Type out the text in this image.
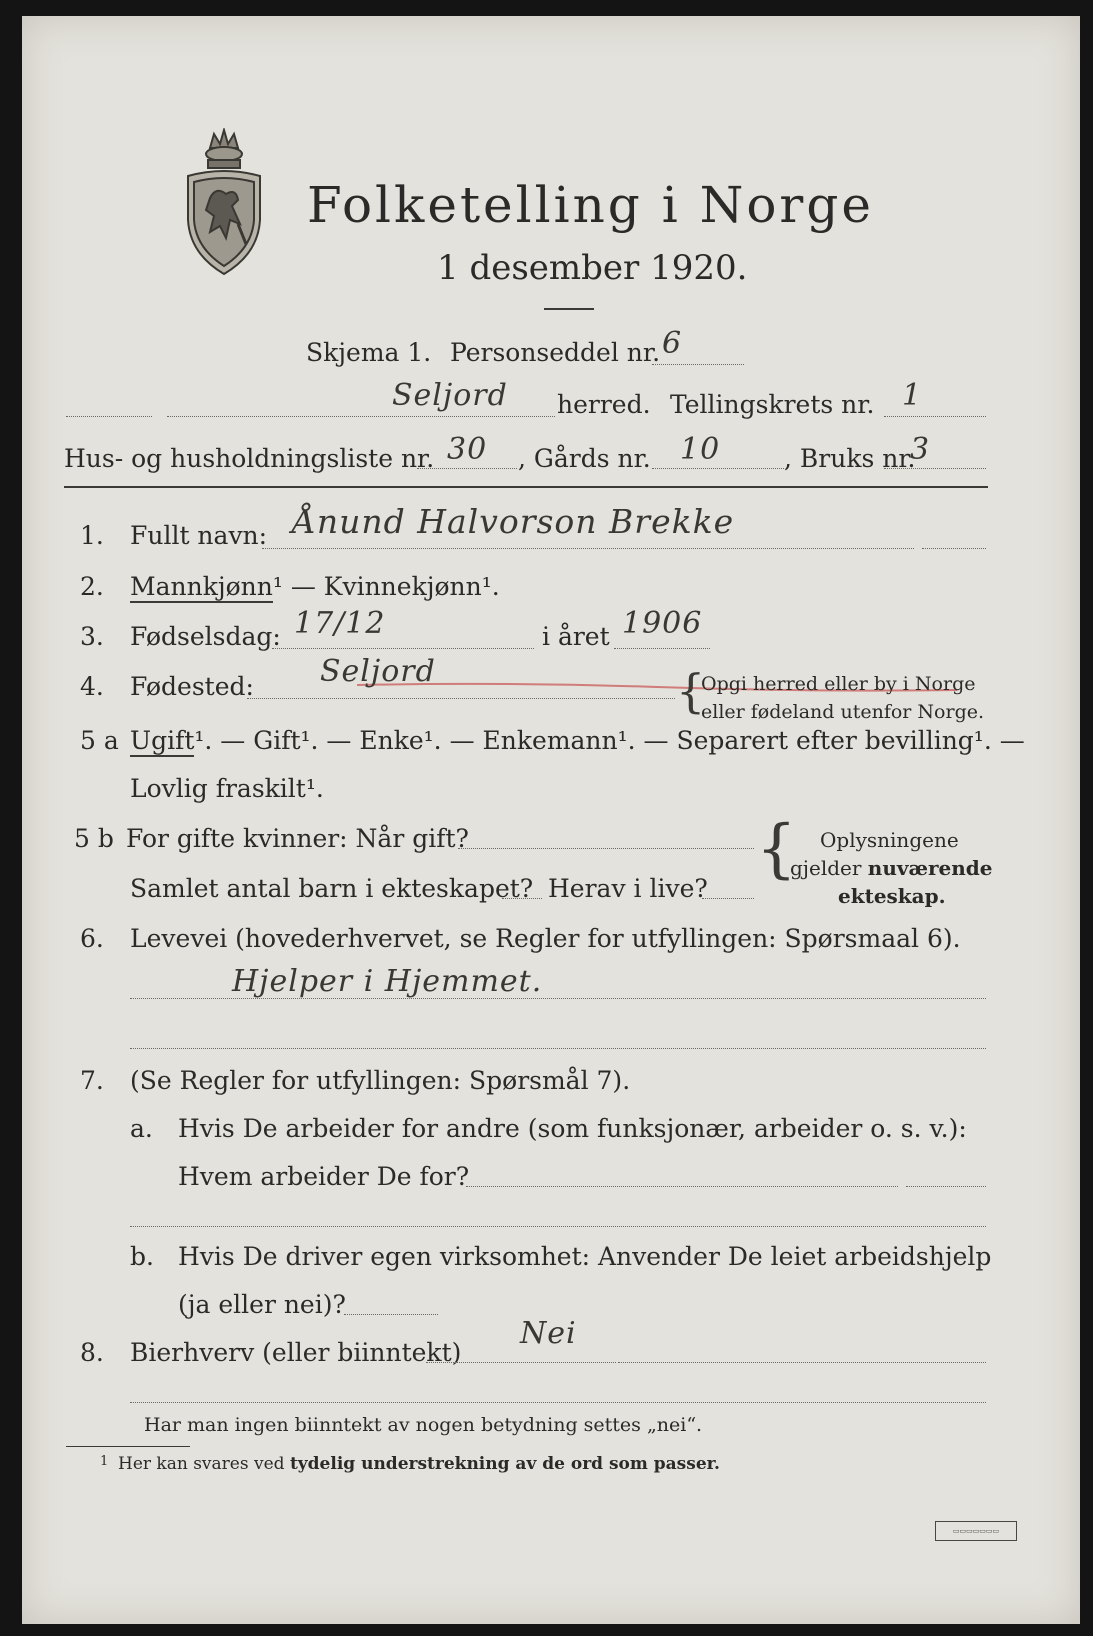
Folketelling i Norge
1 desember 1920.
Skjema 1. Personseddel nr. 6
Seljord herred. Tellingskrets nr. 1
Hus- og husholdningsliste nr. 30 , Gårds nr. 10	, Bruks nr.
3
1. Fullt navn: Ånund Halvorson Brekke
2. Mannkjønn¹ — Kvinnekjønn¹.
3. Fødselsdag: 17/12	i året 1906
4. Fødested: Seljord	{
Opgi herred eller by i Norge
eller fødeland utenfor Norge.
5 a Ugift¹. — Gift¹. — Enke¹. — Enkemann¹. — Separert efter bevilling¹. —
Lovlig fraskilt¹.
5 b For gifte kvinner: Når gift?
Samlet antal barn i ekteskapet? Herav i live?
{ Oplysningene
gjelder nuværende
ekteskap.
6. Levevei (hovederhvervet, se Regler for utfyllingen: Spørsmaal 6).
Hjelper i Hjemmet.
7. (Se Regler for utfyllingen: Spørsmål 7).
a. Hvis De arbeider for andre (som funksjonær, arbeider o. s. v.):
Hvem arbeider De for?
b. Hvis De driver egen virksomhet: Anvender De leiet arbeidshjelp
(ja eller nei)?
8. Bierhverv (eller biinntekt)
Nei
Har man ingen biinntekt av nogen betydning settes „nei“.
1 Her kan svares ved tydelig understrekning av de ord som passer.
▭▭▭▭▭▭▭
